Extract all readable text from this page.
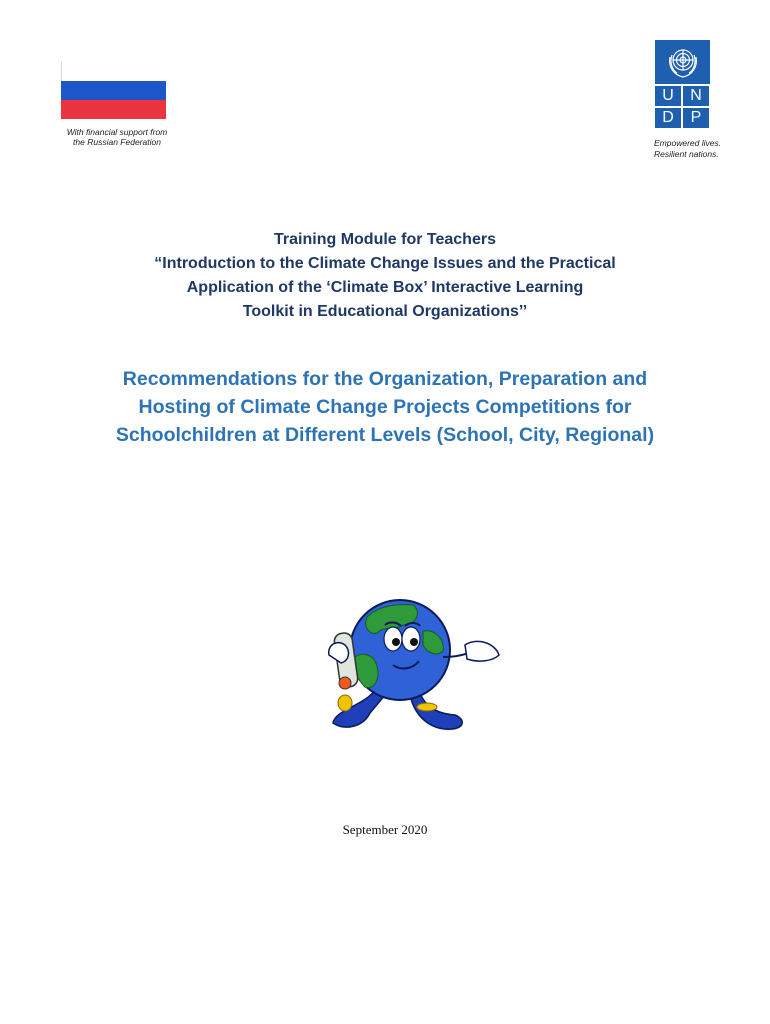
With financial support from
the Russian Federation
U	N
D	P
Empowered lives.
Resilient nations.
Training Module for Teachers
“Introduction to the Climate Change Issues and the Practical
Application of the ‘Climate Box’ Interactive Learning
Toolkit in Educational Organizations’’
Recommendations for the Organization, Preparation and
Hosting of Climate Change Projects Competitions for
Schoolchildren at Different Levels (School, City, Regional)
September 2020
